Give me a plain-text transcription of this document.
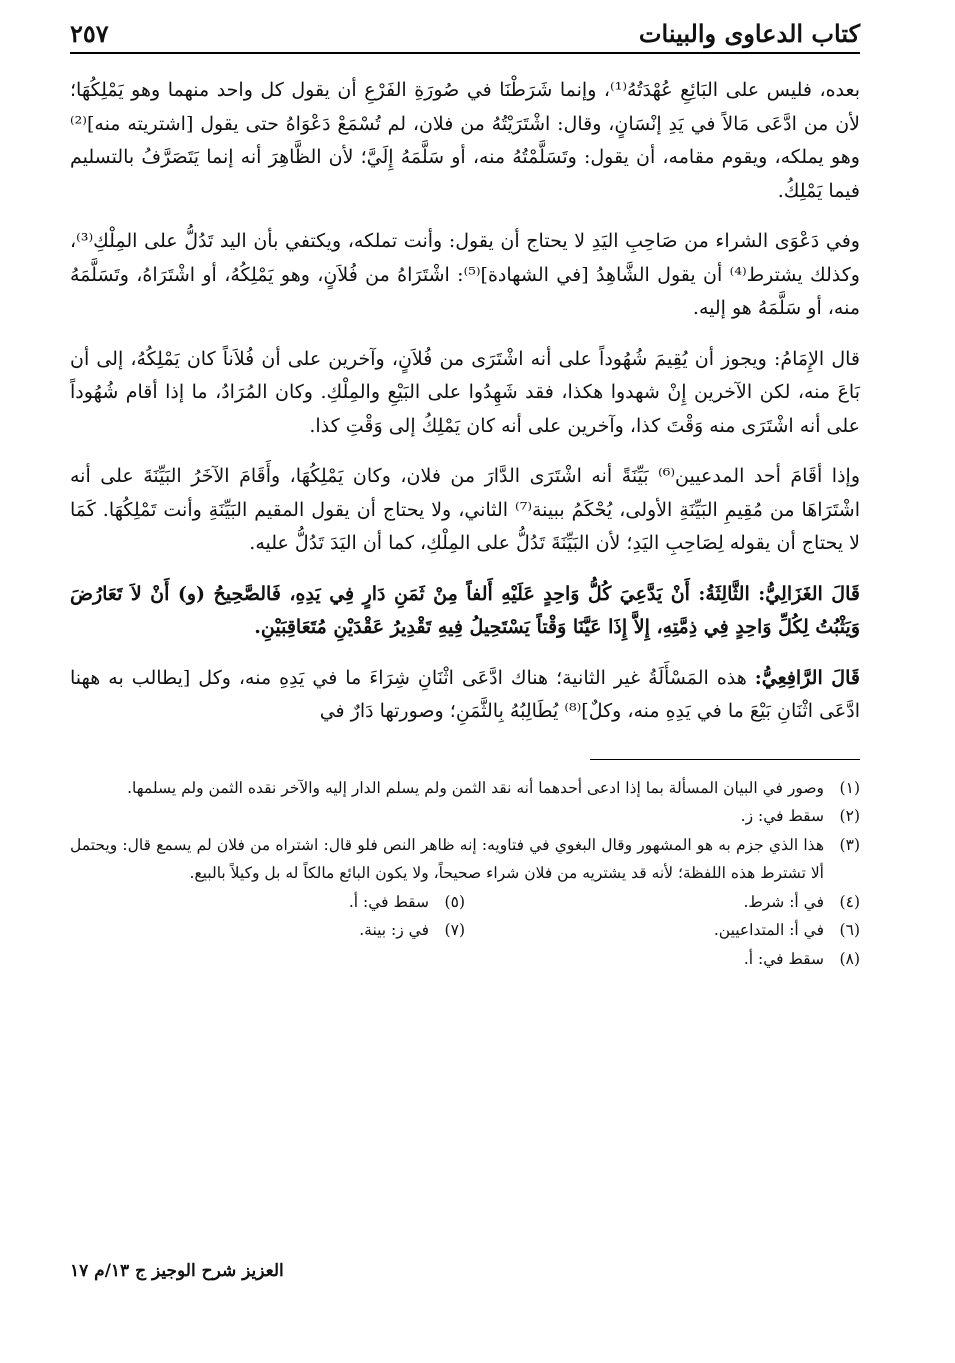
كتاب الدعاوى والبينات
٢٥٧

بعده، فليس على البَائِعِ عُهْدَتُهُ⁽¹⁾، وإنما شَرَطْنَا في صُورَةِ الفَرْعِ أن يقول كل واحد منهما وهو يَمْلِكُهَا؛ لأن من ادَّعَى مَالاً في يَدِ إنْسَانٍ، وقال: اشْتَرَيْتُهُ من فلان، لم تُسْمَعْ دَعْوَاهُ حتى يقول [اشتريته منه]⁽²⁾ وهو يملكه، ويقوم مقامه، أن يقول: وتَسَلَّمْتُهُ منه، أو سَلَّمَهُ إِلَيَّ؛ لأن الظَّاهِرَ أنه إنما يَتَصَرَّفُ بالتسليم فيما يَمْلِكُ.

وفي دَعْوَى الشراء من صَاحِبِ اليَدِ لا يحتاج أن يقول: وأنت تملكه، ويكتفي بأن اليد تَدُلُّ على المِلْكِ⁽³⁾، وكذلك يشترط⁽⁴⁾ أن يقول الشَّاهِدُ [في الشهادة]⁽⁵⁾: اشْتَرَاهُ من فُلاَنٍ، وهو يَمْلِكُهُ، أو اشْتَرَاهُ، وتَسَلَّمَهُ منه، أو سَلَّمَهُ هو إليه.

قال الإِمَامُ: ويجوز أن يُقِيمَ شُهُوداً على أنه اشْتَرَى من فُلاَنٍ، وآخرين على أن فُلاَناً كان يَمْلِكُهُ، إلى أن بَاعَ منه، لكن الآخرين إِنْ شهدوا هكذا، فقد شَهِدُوا على البَيْعِ والمِلْكِ. وكان المُرَادُ، ما إذا أقام شُهُوداً على أنه اشْتَرَى منه وَقْتَ كذا، وآخرين على أنه كان يَمْلِكُ إلى وَقْتِ كذا.

وإذا أقَامَ أحد المدعيين⁽⁶⁾ بَيِّنَةً أنه اشْتَرَى الدَّارَ من فلان، وكان يَمْلِكُهَا، وأَقَامَ الآخَرُ البَيِّنَةَ على أنه اشْتَرَاهَا من مُقِيمِ البَيِّنَةِ الأولى، يُحْكَمُ ببينة⁽⁷⁾ الثاني، ولا يحتاج أن يقول المقيم البَيِّنَةِ وأنت تَمْلِكُهَا. كَمَا لا يحتاج أن يقوله لِصَاحِبِ اليَدِ؛ لأن البَيِّنَةَ تَدُلُّ على المِلْكِ، كما أن اليَدَ تَدُلُّ عليه.

قَالَ الغَزَالِيُّ: الثَّالِثَةُ: أَنْ يَدَّعِيَ كُلُّ وَاحِدٍ عَلَيْهِ أَلفاً مِنْ ثَمَنِ دَارٍ فِي يَدِهِ، فَالصَّحِيحُ (و) أَنْ لاَ تَعَارُضَ وَيَثْبُتُ لِكُلِّ وَاحِدٍ فِي ذِمَّتِهِ، إِلاَّ إِذَا عَيَّنَا وَقْتاً يَسْتَحِيلُ فِيهِ تَقْدِيرُ عَقْدَيْنِ مُتَعَاقِبَيْنِ.

قَالَ الرَّافِعِيُّ: هذه المَسْأَلَةُ غير الثانية؛ هناك ادَّعَى اثْنَانِ شِرَاءَ ما في يَدِهِ منه، وكل [يطالب به ههنا ادَّعَى اثْنَانِ بَيْعَ ما في يَدِهِ منه، وكلٌ]⁽⁸⁾ يُطَالِبُهُ بِالثَّمَنِ؛ وصورتها دَارٌ في

(١)
وصور في البيان المسألة بما إذا ادعى أحدهما أنه نقد الثمن ولم يسلم الدار إليه والآخر نقده الثمن ولم يسلمها.
(٢)
سقط في: ز.
(٣)
هذا الذي جزم به هو المشهور وقال البغوي في فتاويه: إنه ظاهر النص فلو قال: اشتراه من فلان لم يسمع قال: ويحتمل ألا تشترط هذه اللفظة؛ لأنه قد يشتريه من فلان شراء صحيحاً، ولا يكون البائع مالكاً له بل وكيلاً بالبيع.
(٤)
في أ: شرط.
(٥)
سقط في: أ.
(٦)
في أ: المتداعيين.
(٧)
في ز: بينة.
(٨)
سقط في: أ.
العزيز شرح الوجيز ج ١٣/م ١٧
